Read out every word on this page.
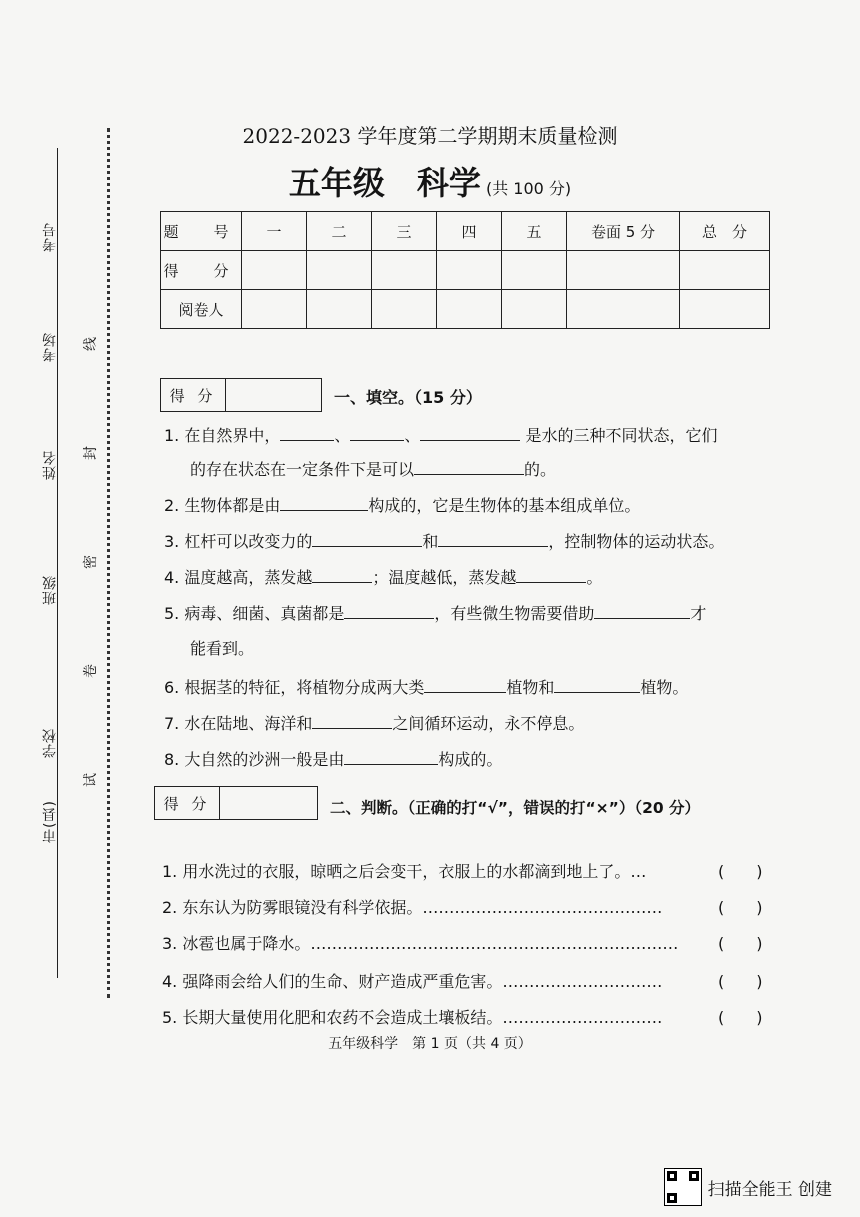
考号
考场
姓名
班级
学校
市(县)
线
封
密
卷
试
2022-2023 学年度第二学期期末质量检测
五年级　科学 (共 100 分)
题　号	一	二	三	四	五	卷面 5 分	总　分
得　分							
阅卷人							
得 分	一、填空。（15 分）
1. 在自然界中，	、	、	是水的三种不同状态，它们
的存在状态在一定条件下是可以	的。
2. 生物体都是由	构成的，它是生物体的基本组成单位。
3. 杠杆可以改变力的	和	，控制物体的运动状态。
4. 温度越高，蒸发越	；温度越低，蒸发越	。
5. 病毒、细菌、真菌都是	，有些微生物需要借助	才
能看到。
6. 根据茎的特征，将植物分成两大类	植物和	植物。
7. 水在陆地、海洋和	之间循环运动，永不停息。
8. 大自然的沙洲一般是由	构成的。
得 分	二、判断。（正确的打“√”，错误的打“×”）（20 分）
1. 用水洗过的衣服，晾晒之后会变干，衣服上的水都滴到地上了。…	(　　)
2. 东东认为防雾眼镜没有科学依据。………………………………………	(　　)
3. 冰雹也属于降水。……………………………………………………………	(　　)
4. 强降雨会给人们的生命、财产造成严重危害。…………………………	(　　)
5. 长期大量使用化肥和农药不会造成土壤板结。…………………………	(　　)
五年级科学　第 1 页（共 4 页）
扫描全能王 创建
